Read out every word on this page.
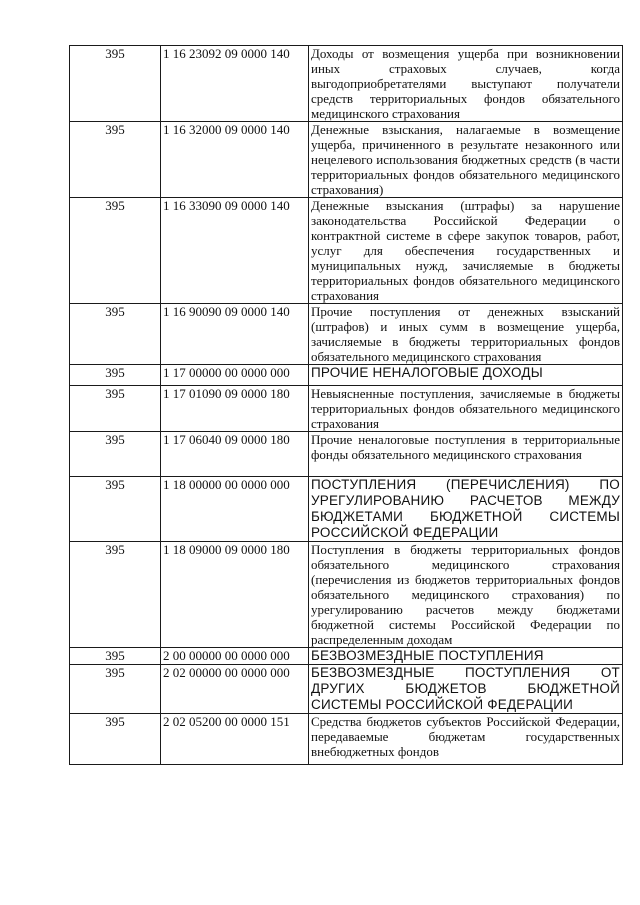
395	1 16 23092 09 0000 140	Доходы от возмещения ущерба при возникновении иных страховых случаев, когда выгодоприобретателями выступают получатели средств территориальных фондов обязательного медицинского страхования
395	1 16 32000 09 0000 140	Денежные взыскания, налагаемые в возмещение ущерба, причиненного в результате незаконного или нецелевого использования бюджетных средств (в части территориальных фондов обязательного медицинского страхования)
395	1 16 33090 09 0000 140	Денежные взыскания (штрафы) за нарушение законодательства Российской Федерации о контрактной системе в сфере закупок товаров, работ, услуг для обеспечения государственных и муниципальных нужд, зачисляемые в бюджеты территориальных фондов обязательного медицинского страхования
395	1 16 90090 09 0000 140	Прочие поступления от денежных взысканий (штрафов) и иных сумм в возмещение ущерба, зачисляемые в бюджеты территориальных фондов обязательного медицинского страхования
395	1 17 00000 00 0000 000	ПРОЧИЕ НЕНАЛОГОВЫЕ ДОХОДЫ
395	1 17 01090 09 0000 180	Невыясненные поступления, зачисляемые в бюджеты территориальных фондов обязательного медицинского страхования
395	1 17 06040 09 0000 180	Прочие неналоговые поступления в территориальные фонды обязательного медицинского страхования
395	1 18 00000 00 0000 000	ПОСТУПЛЕНИЯ (ПЕРЕЧИСЛЕНИЯ) ПО УРЕГУЛИРОВАНИЮ РАСЧЕТОВ МЕЖДУ БЮДЖЕТАМИ БЮДЖЕТНОЙ СИСТЕМЫ РОССИЙСКОЙ ФЕДЕРАЦИИ
395	1 18 09000 09 0000 180	Поступления в бюджеты территориальных фондов обязательного медицинского страхования (перечисления из бюджетов территориальных фондов обязательного медицинского страхования) по урегулированию расчетов между бюджетами бюджетной системы Российской Федерации по распределенным доходам
395	2 00 00000 00 0000 000	БЕЗВОЗМЕЗДНЫЕ ПОСТУПЛЕНИЯ
395	2 02 00000 00 0000 000	БЕЗВОЗМЕЗДНЫЕ ПОСТУПЛЕНИЯ ОТ ДРУГИХ БЮДЖЕТОВ БЮДЖЕТНОЙ СИСТЕМЫ РОССИЙСКОЙ ФЕДЕРАЦИИ
395	2 02 05200 00 0000 151	Средства бюджетов субъектов Российской Федерации, передаваемые бюджетам государственных внебюджетных фондов
